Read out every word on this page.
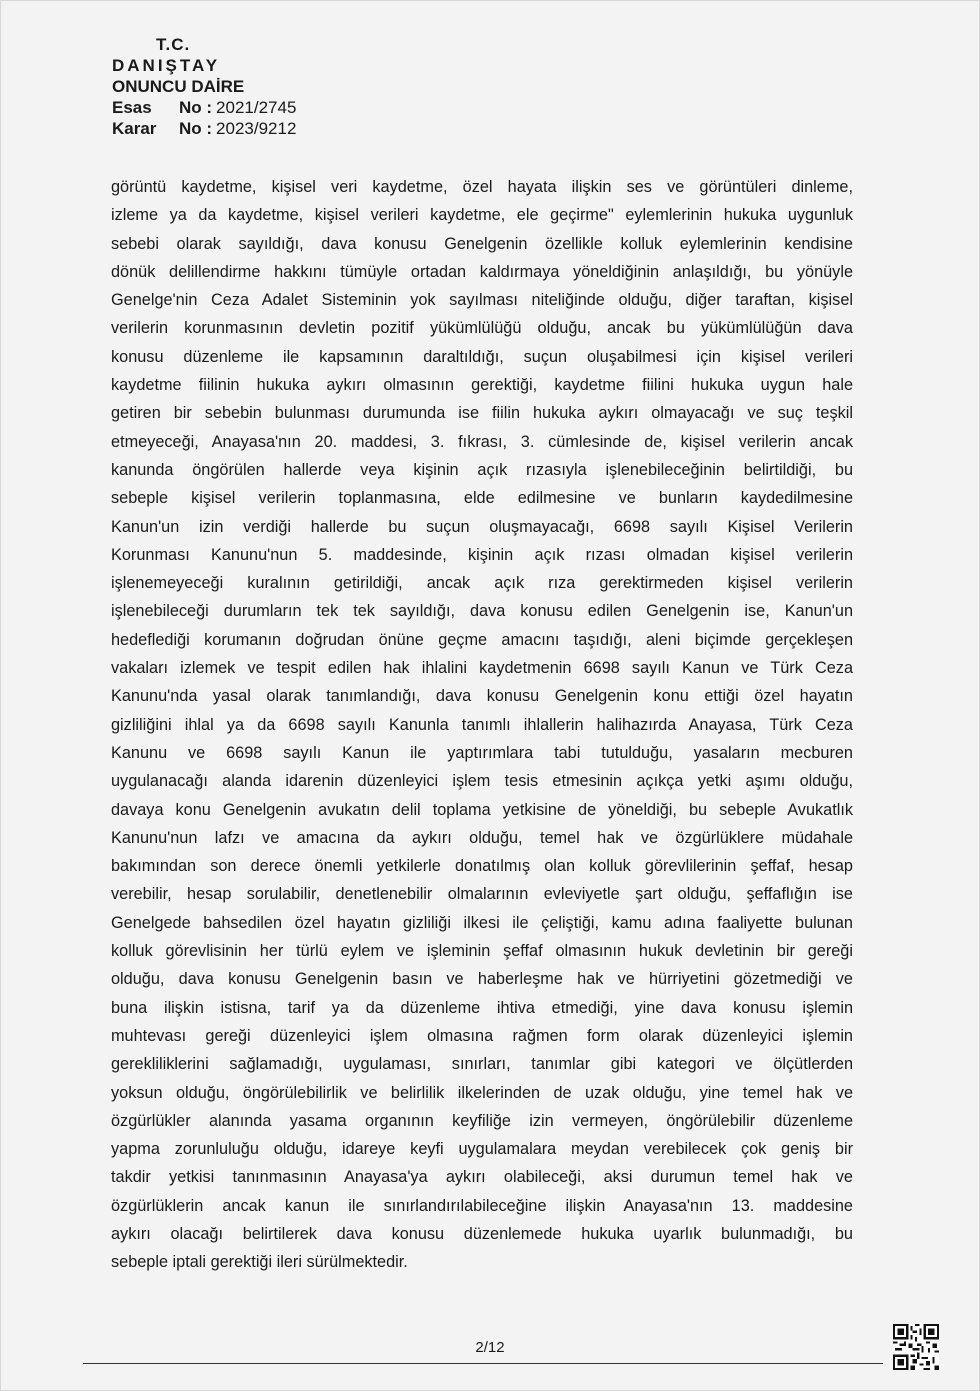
T.C.
DANIŞTAY
ONUNCU DAİRE
Esas	No : 2021/2745
Karar	No : 2023/9212
görüntü kaydetme, kişisel veri kaydetme, özel hayata ilişkin ses ve görüntüleri dinleme,
izleme ya da kaydetme, kişisel verileri kaydetme, ele geçirme" eylemlerinin hukuka uygunluk
sebebi olarak sayıldığı, dava konusu Genelgenin özellikle kolluk eylemlerinin kendisine
dönük delillendirme hakkını tümüyle ortadan kaldırmaya yöneldiğinin anlaşıldığı, bu yönüyle
Genelge'nin Ceza Adalet Sisteminin yok sayılması niteliğinde olduğu, diğer taraftan, kişisel
verilerin korunmasının devletin pozitif yükümlülüğü olduğu, ancak bu yükümlülüğün dava
konusu düzenleme ile kapsamının daraltıldığı, suçun oluşabilmesi için kişisel verileri
kaydetme fiilinin hukuka aykırı olmasının gerektiği, kaydetme fiilini hukuka uygun hale
getiren bir sebebin bulunması durumunda ise fiilin hukuka aykırı olmayacağı ve suç teşkil
etmeyeceği, Anayasa'nın 20. maddesi, 3. fıkrası, 3. cümlesinde de, kişisel verilerin ancak
kanunda öngörülen hallerde veya kişinin açık rızasıyla işlenebileceğinin belirtildiği, bu
sebeple kişisel verilerin toplanmasına, elde edilmesine ve bunların kaydedilmesine
Kanun'un izin verdiği hallerde bu suçun oluşmayacağı, 6698 sayılı Kişisel Verilerin
Korunması Kanunu'nun 5. maddesinde, kişinin açık rızası olmadan kişisel verilerin
işlenemeyeceği kuralının getirildiği, ancak açık rıza gerektirmeden kişisel verilerin
işlenebileceği durumların tek tek sayıldığı, dava konusu edilen Genelgenin ise, Kanun'un
hedeflediği korumanın doğrudan önüne geçme amacını taşıdığı, aleni biçimde gerçekleşen
vakaları izlemek ve tespit edilen hak ihlalini kaydetmenin 6698 sayılı Kanun ve Türk Ceza
Kanunu'nda yasal olarak tanımlandığı, dava konusu Genelgenin konu ettiği özel hayatın
gizliliğini ihlal ya da 6698 sayılı Kanunla tanımlı ihlallerin halihazırda Anayasa, Türk Ceza
Kanunu ve 6698 sayılı Kanun ile yaptırımlara tabi tutulduğu, yasaların mecburen
uygulanacağı alanda idarenin düzenleyici işlem tesis etmesinin açıkça yetki aşımı olduğu,
davaya konu Genelgenin avukatın delil toplama yetkisine de yöneldiği, bu sebeple Avukatlık
Kanunu'nun lafzı ve amacına da aykırı olduğu, temel hak ve özgürlüklere müdahale
bakımından son derece önemli yetkilerle donatılmış olan kolluk görevlilerinin şeffaf, hesap
verebilir, hesap sorulabilir, denetlenebilir olmalarının evleviyetle şart olduğu, şeffaflığın ise
Genelgede bahsedilen özel hayatın gizliliği ilkesi ile çeliştiği, kamu adına faaliyette bulunan
kolluk görevlisinin her türlü eylem ve işleminin şeffaf olmasının hukuk devletinin bir gereği
olduğu, dava konusu Genelgenin basın ve haberleşme hak ve hürriyetini gözetmediği ve
buna ilişkin istisna, tarif ya da düzenleme ihtiva etmediği, yine dava konusu işlemin
muhtevası gereği düzenleyici işlem olmasına rağmen form olarak düzenleyici işlemin
gerekliliklerini sağlamadığı, uygulaması, sınırları, tanımlar gibi kategori ve ölçütlerden
yoksun olduğu, öngörülebilirlik ve belirlilik ilkelerinden de uzak olduğu, yine temel hak ve
özgürlükler alanında yasama organının keyfiliğe izin vermeyen, öngörülebilir düzenleme
yapma zorunluluğu olduğu, idareye keyfi uygulamalara meydan verebilecek çok geniş bir
takdir yetkisi tanınmasının Anayasa'ya aykırı olabileceği, aksi durumun temel hak ve
özgürlüklerin ancak kanun ile sınırlandırılabileceğine ilişkin Anayasa'nın 13. maddesine
aykırı olacağı belirtilerek dava konusu düzenlemede hukuka uyarlık bulunmadığı, bu
sebeple iptali gerektiği ileri sürülmektedir.
2/12
